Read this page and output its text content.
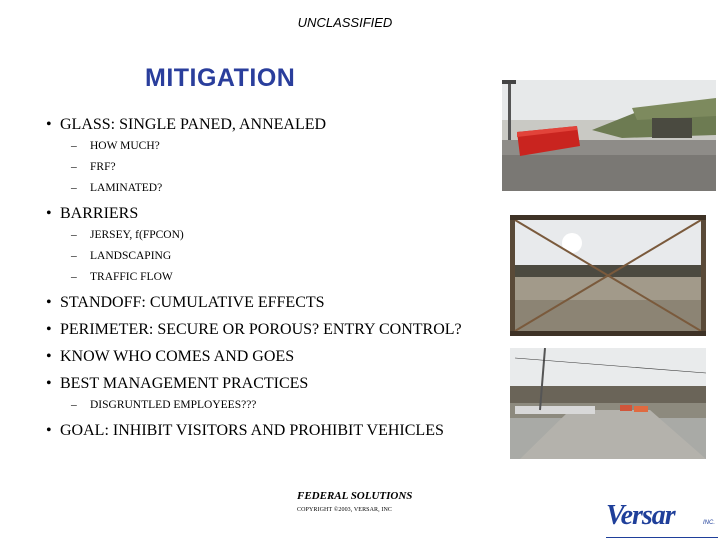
UNCLASSIFIED
MITIGATION
• GLASS: SINGLE PANED, ANNEALED
– HOW MUCH?
– FRF?
– LAMINATED?
• BARRIERS
– JERSEY, f(FPCON)
– LANDSCAPING
– TRAFFIC FLOW
• STANDOFF: CUMULATIVE EFFECTS
• PERIMETER: SECURE OR POROUS? ENTRY CONTROL?
• KNOW WHO COMES AND GOES
• BEST MANAGEMENT PRACTICES
– DISGRUNTLED EMPLOYEES???
• GOAL: INHIBIT VISITORS AND PROHIBIT VEHICLES
FEDERAL SOLUTIONS
COPYRIGHT ©2003, VERSAR, INC	Versar	INC.
